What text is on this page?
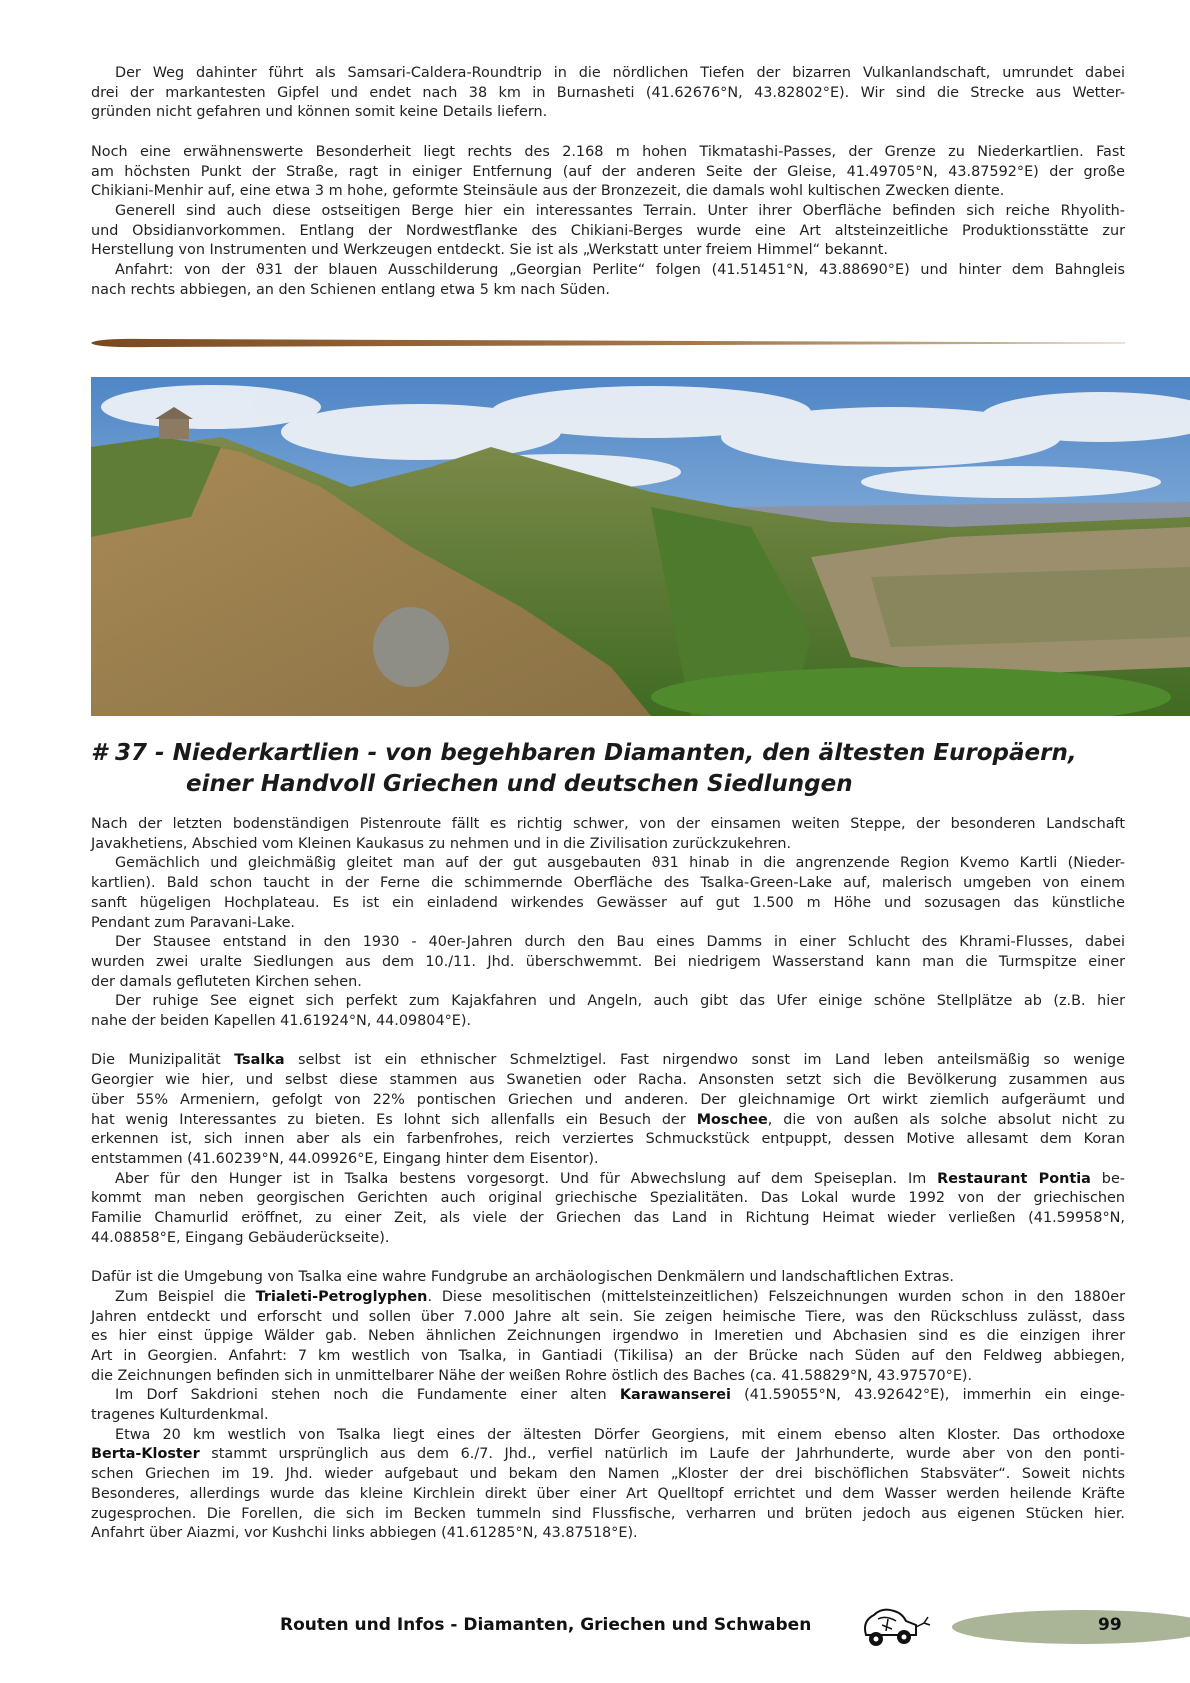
Der Weg dahinter führt als Samsari-Caldera-Roundtrip in die nördlichen Tiefen der bizarren Vulkanlandschaft, umrundet dabei
drei der markantesten Gipfel und endet nach 38 km in Burnasheti (41.62676°N, 43.82802°E). Wir sind die Strecke aus Wetter-
gründen nicht gefahren und können somit keine Details liefern.
Noch eine erwähnenswerte Besonderheit liegt rechts des 2.168 m hohen Tikmatashi-Passes, der Grenze zu Niederkartlien. Fast
am höchsten Punkt der Straße, ragt in einiger Entfernung (auf der anderen Seite der Gleise, 41.49705°N, 43.87592°E) der große
Chikiani-Menhir auf, eine etwa 3 m hohe, geformte Steinsäule aus der Bronzezeit, die damals wohl kultischen Zwecken diente.
Generell sind auch diese ostseitigen Berge hier ein interessantes Terrain. Unter ihrer Oberfläche befinden sich reiche Rhyolith-
und Obsidianvorkommen. Entlang der Nordwestflanke des Chikiani-Berges wurde eine Art altsteinzeitliche Produktionsstätte zur
Herstellung von Instrumenten und Werkzeugen entdeckt. Sie ist als „Werkstatt unter freiem Himmel“ bekannt.
Anfahrt: von der ϑ31 der blauen Ausschilderung „Georgian Perlite“ folgen (41.51451°N, 43.88690°E) und hinter dem Bahngleis
nach rechts abbiegen, an den Schienen entlang etwa 5 km nach Süden.
# 37 - Niederkartlien - von begehbaren Diamanten, den ältesten Europäern,
einer Handvoll Griechen und deutschen Siedlungen
Nach der letzten bodenständigen Pistenroute fällt es richtig schwer, von der einsamen weiten Steppe, der besonderen Landschaft
Javakhetiens, Abschied vom Kleinen Kaukasus zu nehmen und in die Zivilisation zurückzukehren.
Gemächlich und gleichmäßig gleitet man auf der gut ausgebauten ϑ31 hinab in die angrenzende Region Kvemo Kartli (Nieder-
kartlien). Bald schon taucht in der Ferne die schimmernde Oberfläche des Tsalka-Green-Lake auf, malerisch umgeben von einem
sanft hügeligen Hochplateau. Es ist ein einladend wirkendes Gewässer auf gut 1.500 m Höhe und sozusagen das künstliche
Pendant zum Paravani-Lake.
Der Stausee entstand in den 1930 - 40er-Jahren durch den Bau eines Damms in einer Schlucht des Khrami-Flusses, dabei
wurden zwei uralte Siedlungen aus dem 10./11. Jhd. überschwemmt. Bei niedrigem Wasserstand kann man die Turmspitze einer
der damals gefluteten Kirchen sehen.
Der ruhige See eignet sich perfekt zum Kajakfahren und Angeln, auch gibt das Ufer einige schöne Stellplätze ab (z.B. hier
nahe der beiden Kapellen 41.61924°N, 44.09804°E).
Die Munizipalität Tsalka selbst ist ein ethnischer Schmelztigel. Fast nirgendwo sonst im Land leben anteilsmäßig so wenige
Georgier wie hier, und selbst diese stammen aus Swanetien oder Racha. Ansonsten setzt sich die Bevölkerung zusammen aus
über 55% Armeniern, gefolgt von 22% pontischen Griechen und anderen. Der gleichnamige Ort wirkt ziemlich aufgeräumt und
hat wenig Interessantes zu bieten. Es lohnt sich allenfalls ein Besuch der Moschee, die von außen als solche absolut nicht zu
erkennen ist, sich innen aber als ein farbenfrohes, reich verziertes Schmuckstück entpuppt, dessen Motive allesamt dem Koran
entstammen (41.60239°N, 44.09926°E, Eingang hinter dem Eisentor).
Aber für den Hunger ist in Tsalka bestens vorgesorgt. Und für Abwechslung auf dem Speiseplan. Im Restaurant Pontia be-
kommt man neben georgischen Gerichten auch original griechische Spezialitäten. Das Lokal wurde 1992 von der griechischen
Familie Chamurlid eröffnet, zu einer Zeit, als viele der Griechen das Land in Richtung Heimat wieder verließen (41.59958°N,
44.08858°E, Eingang Gebäuderückseite).
Dafür ist die Umgebung von Tsalka eine wahre Fundgrube an archäologischen Denkmälern und landschaftlichen Extras.
Zum Beispiel die Trialeti-Petroglyphen. Diese mesolitischen (mittelsteinzeitlichen) Felszeichnungen wurden schon in den 1880er
Jahren entdeckt und erforscht und sollen über 7.000 Jahre alt sein. Sie zeigen heimische Tiere, was den Rückschluss zulässt, dass
es hier einst üppige Wälder gab. Neben ähnlichen Zeichnungen irgendwo in Imeretien und Abchasien sind es die einzigen ihrer
Art in Georgien. Anfahrt: 7 km westlich von Tsalka, in Gantiadi (Tikilisa) an der Brücke nach Süden auf den Feldweg abbiegen,
die Zeichnungen befinden sich in unmittelbarer Nähe der weißen Rohre östlich des Baches (ca. 41.58829°N, 43.97570°E).
Im Dorf Sakdrioni stehen noch die Fundamente einer alten Karawanserei (41.59055°N, 43.92642°E), immerhin ein einge-
tragenes Kulturdenkmal.
Etwa 20 km westlich von Tsalka liegt eines der ältesten Dörfer Georgiens, mit einem ebenso alten Kloster. Das orthodoxe
Berta-Kloster stammt ursprünglich aus dem 6./7. Jhd., verfiel natürlich im Laufe der Jahrhunderte, wurde aber von den ponti-
schen Griechen im 19. Jhd. wieder aufgebaut und bekam den Namen „Kloster der drei bischöflichen Stabsväter“. Soweit nichts
Besonderes, allerdings wurde das kleine Kirchlein direkt über einer Art Quelltopf errichtet und dem Wasser werden heilende Kräfte
zugesprochen. Die Forellen, die sich im Becken tummeln sind Flussfische, verharren und brüten jedoch aus eigenen Stücken hier.
Anfahrt über Aiazmi, vor Kushchi links abbiegen (41.61285°N, 43.87518°E).
Routen und Infos - Diamanten, Griechen und Schwaben	99
